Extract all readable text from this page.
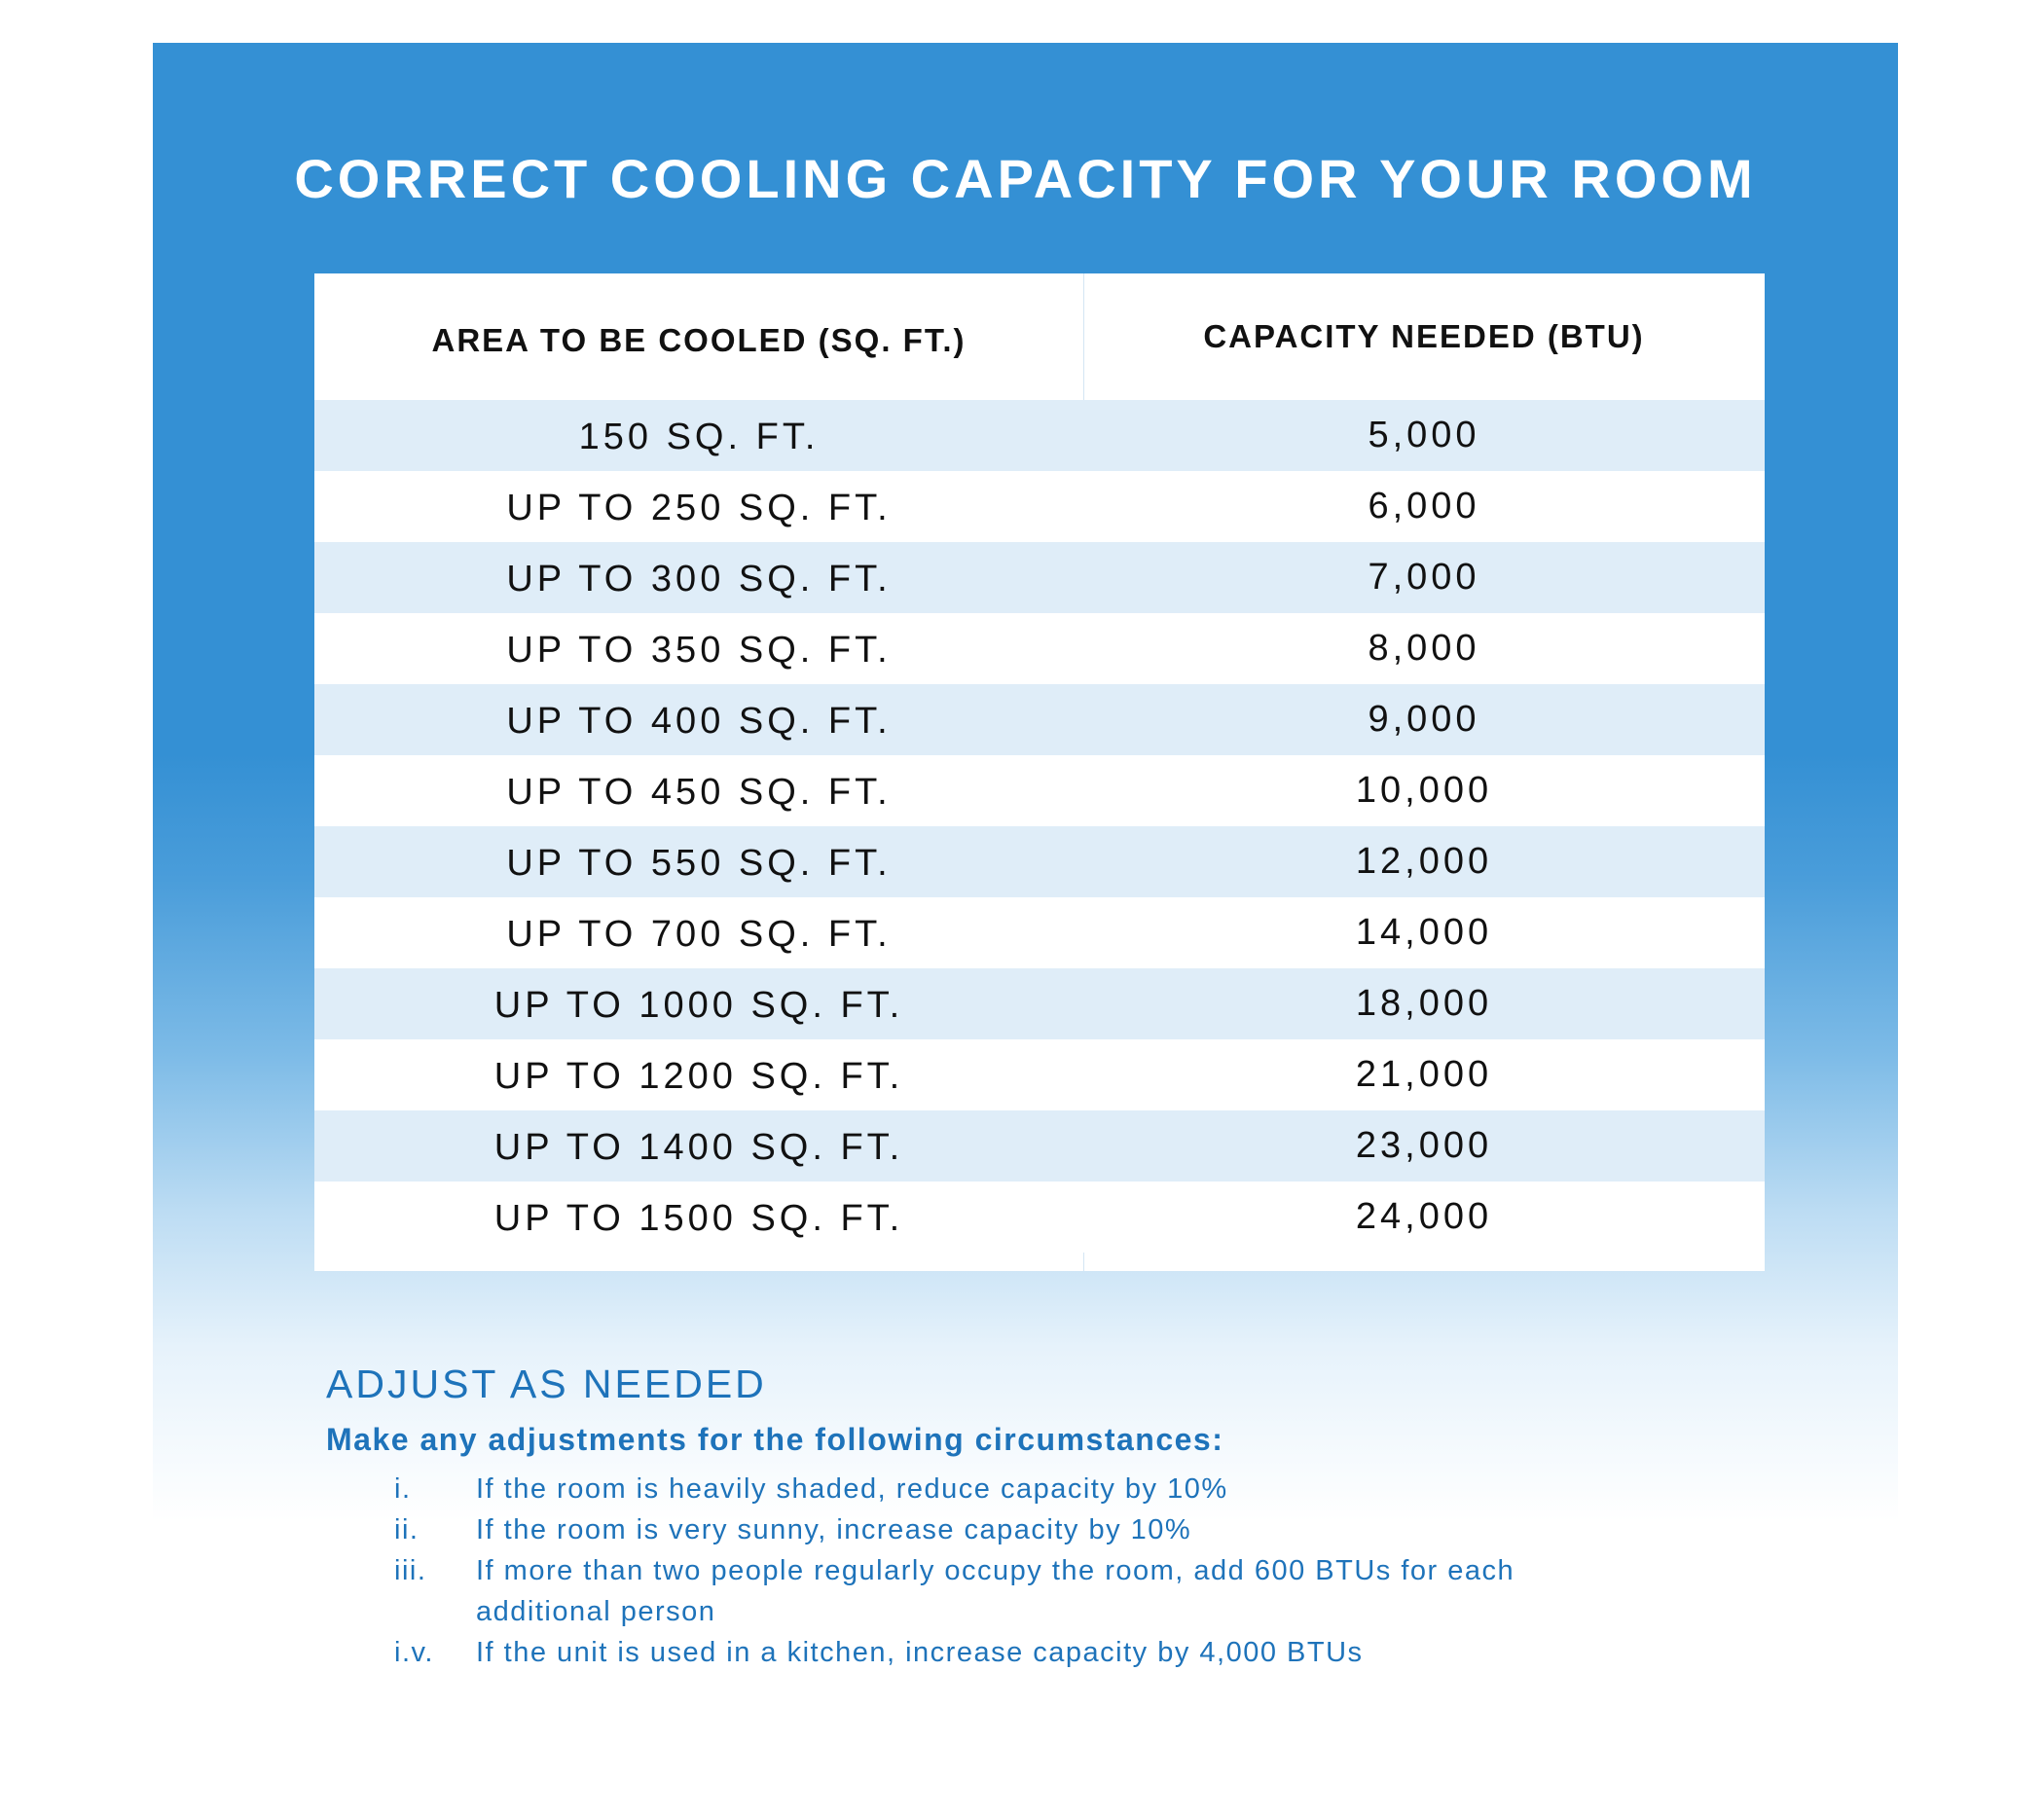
CORRECT COOLING CAPACITY FOR YOUR ROOM
AREA TO BE COOLED (SQ. FT.)	CAPACITY NEEDED (BTU)
150 SQ. FT.	5,000
UP TO 250 SQ. FT.	6,000
UP TO 300 SQ. FT.	7,000
UP TO 350 SQ. FT.	8,000
UP TO 400 SQ. FT.	9,000
UP TO 450 SQ. FT.	10,000
UP TO 550 SQ. FT.	12,000
UP TO 700 SQ. FT.	14,000
UP TO 1000 SQ. FT.	18,000
UP TO 1200 SQ. FT.	21,000
UP TO 1400 SQ. FT.	23,000
UP TO 1500 SQ. FT.	24,000
ADJUST AS NEEDED
Make any adjustments for the following circumstances:
i.	If the room is heavily shaded, reduce capacity by 10%
ii.	If the room is very sunny, increase capacity by 10%
iii.	If more than two people regularly occupy the room, add 600 BTUs for each additional person
i.v.	If the unit is used in a kitchen, increase capacity by 4,000 BTUs
